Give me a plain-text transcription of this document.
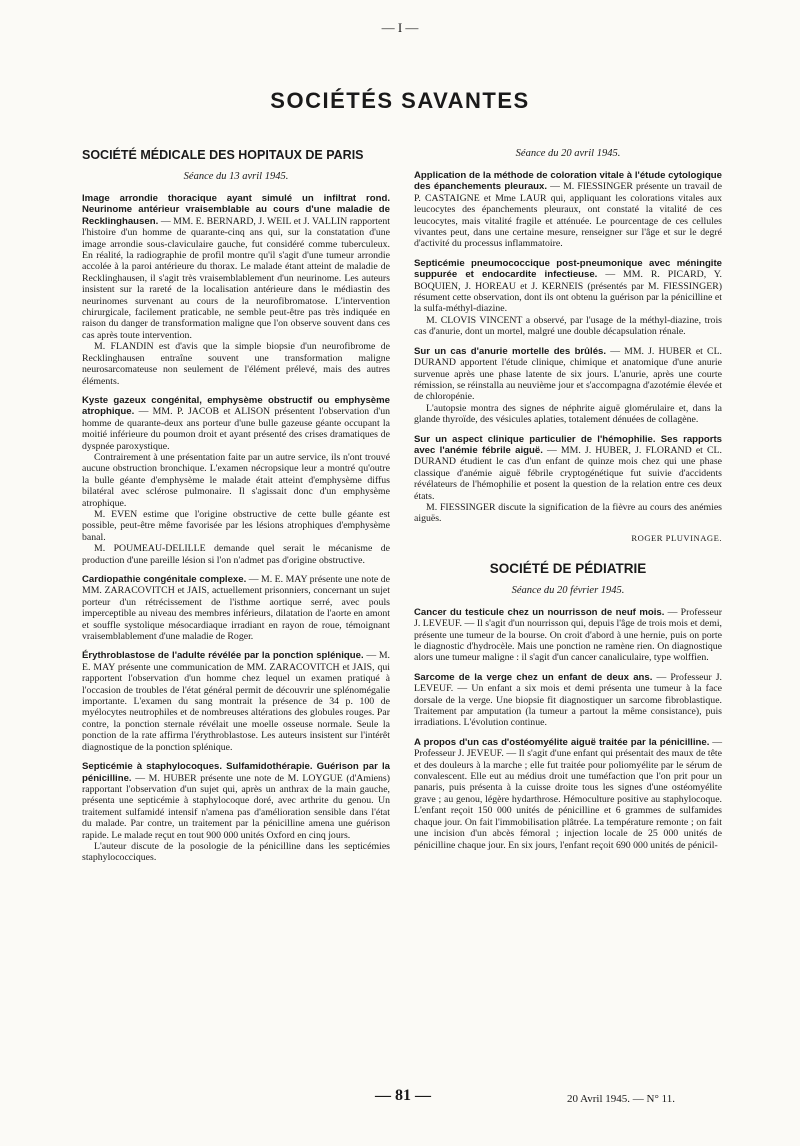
— I —
SOCIÉTÉS SAVANTES
SOCIÉTÉ MÉDICALE DES HOPITAUX DE PARIS
Séance du 13 avril 1945.

Image arrondie thoracique ayant simulé un infiltrat rond. Neurinome antérieur vraisemblable au cours d'une maladie de Recklinghausen. — MM. E. BERNARD, J. WEIL et J. VALLIN rapportent l'histoire d'un homme de quarante-cinq ans qui, sur la constatation d'une image arrondie sous-claviculaire gauche, fut considéré comme tuberculeux. En réalité, la radiographie de profil montre qu'il s'agit d'une tumeur arrondie accolée à la paroi antérieure du thorax. Le malade étant atteint de maladie de Recklinghausen, il s'agit très vraisemblablement d'un neurinome. Les auteurs insistent sur la rareté de la localisation antérieure dans le médiastin des neurinomes survenant au cours de la neurofibromatose. L'intervention chirurgicale, facilement praticable, ne semble peut-être pas très indiquée en raison du danger de transformation maligne que l'on observe souvent dans ces cas après toute intervention.

M. FLANDIN est d'avis que la simple biopsie d'un neurofibrome de Recklinghausen entraîne souvent une transformation maligne neurosarcomateuse non seulement de l'élément prélevé, mais des autres éléments.

Kyste gazeux congénital, emphysème obstructif ou emphysème atrophique. — MM. P. JACOB et ALISON présentent l'observation d'un homme de quarante-deux ans porteur d'une bulle gazeuse géante occupant la moitié inférieure du poumon droit et ayant présenté des crises dramatiques de dyspnée paroxystique.

Contrairement à une présentation faite par un autre service, ils n'ont trouvé aucune obstruction bronchique. L'examen nécropsique leur a montré qu'outre la bulle géante d'emphysème le malade était atteint d'emphysème diffus bilatéral avec sclérose pulmonaire. Il s'agissait donc d'un emphysème atrophique.

M. EVEN estime que l'origine obstructive de cette bulle géante est possible, peut-être même favorisée par les lésions atrophiques d'emphysème banal.

M. POUMEAU-DELILLE demande quel serait le mécanisme de production d'une pareille lésion si l'on n'admet pas d'origine obstructive.

Cardiopathie congénitale complexe. — M. E. MAY présente une note de MM. ZARACOVITCH et JAIS, actuellement prisonniers, concernant un sujet porteur d'un rétrécissement de l'isthme aortique serré, avec pouls imperceptible au niveau des membres inférieurs, dilatation de l'aorte en amont et souffle systolique mésocardiaque irradiant en rayon de roue, témoignant vraisemblablement d'une maladie de Roger.

Érythroblastose de l'adulte révélée par la ponction splénique. — M. E. MAY présente une communication de MM. ZARACOVITCH et JAIS, qui rapportent l'observation d'un homme chez lequel un examen pratiqué à l'occasion de troubles de l'état général permit de découvrir une splénomégalie importante. L'examen du sang montrait la présence de 34 p. 100 de myélocytes neutrophiles et de nombreuses altérations des globules rouges. Par contre, la ponction sternale révélait une moelle osseuse normale. Seule la ponction de la rate affirma l'érythroblastose. Les auteurs insistent sur l'intérêt diagnostique de la ponction splénique.

Septicémie à staphylocoques. Sulfamidothérapie. Guérison par la pénicilline. — M. HUBER présente une note de M. LOYGUE (d'Amiens) rapportant l'observation d'un sujet qui, après un anthrax de la main gauche, présenta une septicémie à staphylocoque doré, avec arthrite du genou. Un traitement sulfamidé intensif n'amena pas d'amélioration sensible dans l'état du malade. Par contre, un traitement par la pénicilline amena une guérison rapide. Le malade reçut en tout 900 000 unités Oxford en cinq jours.

L'auteur discute de la posologie de la pénicilline dans les septicémies staphylococciques.

Séance du 20 avril 1945.

Application de la méthode de coloration vitale à l'étude cytologique des épanchements pleuraux. — M. FIESSINGER présente un travail de P. CASTAIGNE et Mme LAUR qui, appliquant les colorations vitales aux leucocytes des épanchements pleuraux, ont constaté la vitalité de ces leucocytes, mais vitalité fragile et atténuée. Le pourcentage de ces cellules vivantes peut, dans une certaine mesure, renseigner sur l'âge et sur le degré d'activité du processus inflammatoire.

Septicémie pneumococcique post-pneumonique avec méningite suppurée et endocardite infectieuse. — MM. R. PICARD, Y. BOQUIEN, J. HOREAU et J. KERNEIS (présentés par M. FIESSINGER) résument cette observation, dont ils ont obtenu la guérison par la pénicilline et la sulfa-méthyl-diazine.

M. CLOVIS VINCENT a observé, par l'usage de la méthyl-diazine, trois cas d'anurie, dont un mortel, malgré une double décapsulation rénale.

Sur un cas d'anurie mortelle des brûlés. — MM. J. HUBER et CL. DURAND apportent l'étude clinique, chimique et anatomique d'une anurie survenue après une phase latente de six jours. L'anurie, après une courte rémission, se réinstalla au neuvième jour et s'accompagna d'azotémie élevée et de chloropénie.

L'autopsie montra des signes de néphrite aiguë glomérulaire et, dans la glande thyroïde, des vésicules aplaties, totalement dénuées de collagène.

Sur un aspect clinique particulier de l'hémophilie. Ses rapports avec l'anémie fébrile aiguë. — MM. J. HUBER, J. FLORAND et CL. DURAND étudient le cas d'un enfant de quinze mois chez qui une phase classique d'anémie aiguë fébrile cryptogénétique fut suivie d'accidents révélateurs de l'hémophilie et posent la question de la relation entre ces deux états.

M. FIESSINGER discute la signification de la fièvre au cours des anémies aiguës.

ROGER PLUVINAGE.
SOCIÉTÉ DE PÉDIATRIE
Séance du 20 février 1945.

Cancer du testicule chez un nourrisson de neuf mois. — Professeur J. LEVEUF. — Il s'agit d'un nourrisson qui, depuis l'âge de trois mois et demi, présente une tumeur de la bourse. On croit d'abord à une hernie, puis on porte le diagnostic d'hydrocèle. Mais une ponction ne ramène rien. On diagnostique alors une tumeur maligne : il s'agit d'un cancer canaliculaire, type wolffien.

Sarcome de la verge chez un enfant de deux ans. — Professeur J. LEVEUF. — Un enfant a six mois et demi présenta une tumeur à la face dorsale de la verge. Une biopsie fit diagnostiquer un sarcome fibroblastique. Traitement par amputation (la tumeur a partout la même consistance), puis irradiations. L'évolution continue.

A propos d'un cas d'ostéomyélite aiguë traitée par la pénicilline. — Professeur J. JEVEUF. — Il s'agit d'une enfant qui présentait des maux de tête et des douleurs à la marche ; elle fut traitée pour poliomyélite par le sérum de convalescent. Elle eut au médius droit une tuméfaction que l'on prit pour un panaris, puis présenta à la cuisse droite tous les signes d'une ostéomyélite grave ; au genou, légère hydarthrose. Hémoculture positive au staphylocoque. L'enfant reçoit 150 000 unités de pénicilline et 6 grammes de sulfamides chaque jour. On fait l'immobilisation plâtrée. La température remonte ; on fait une incision d'un abcès fémoral ; injection locale de 25 000 unités de pénicilline chaque jour. En six jours, l'enfant reçoit 690 000 unités de pénicil-

— 81 —	20 Avril 1945. — N° 11.
